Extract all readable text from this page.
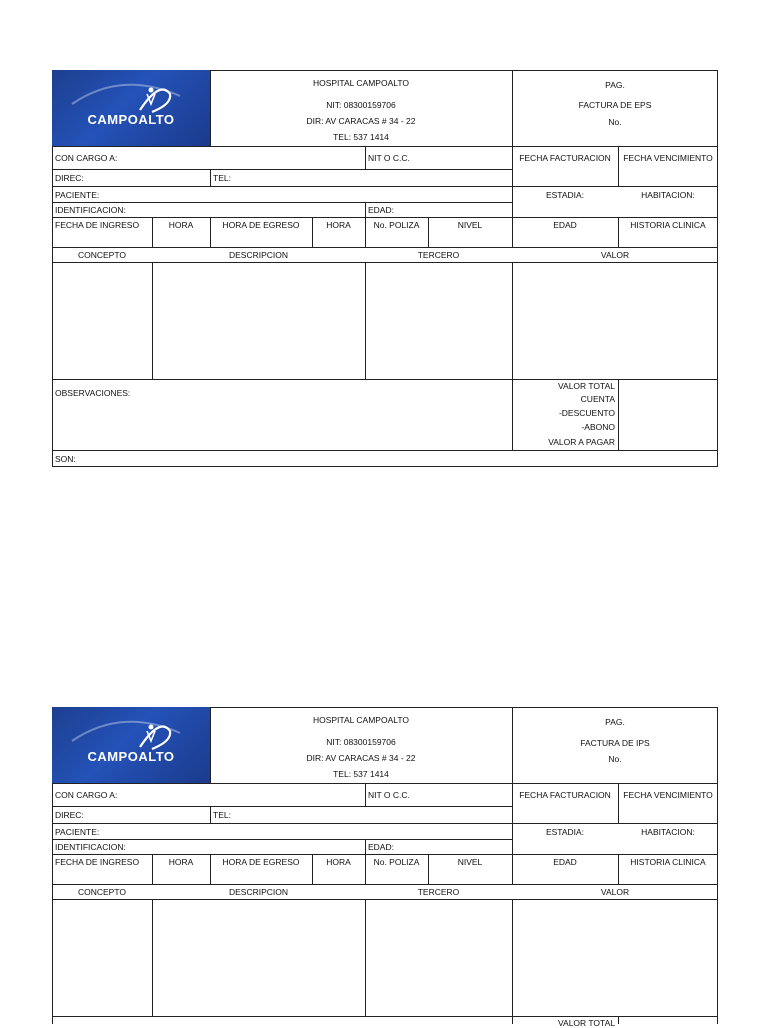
CAMPOALTO
HOSPITAL CAMPOALTO
NIT: 08300159706
DIR: AV CARACAS # 34 - 22
TEL: 537 1414
PAG.
FACTURA DE EPS
No.
CON CARGO A:	NIT O C.C.	FECHA FACTURACION	FECHA VENCIMIENTO
DIREC:	TEL:
PACIENTE:	ESTADIA:	HABITACION:
IDENTIFICACION:	EDAD:
FECHA DE INGRESO	HORA	HORA DE EGRESO	HORA	No. POLIZA	NIVEL	EDAD	HISTORIA CLINICA
CONCEPTO	DESCRIPCION	TERCERO	VALOR
OBSERVACIONES:
VALOR TOTAL
CUENTA
-DESCUENTO
-ABONO
VALOR A PAGAR
SON:
CAMPOALTO
HOSPITAL CAMPOALTO
NIT: 08300159706
DIR: AV CARACAS # 34 - 22
TEL: 537 1414
PAG.
FACTURA DE IPS
No.
CON CARGO A:	NIT O C.C.	FECHA FACTURACION	FECHA VENCIMIENTO
DIREC:	TEL:
PACIENTE:	ESTADIA:	HABITACION:
IDENTIFICACION:	EDAD:
FECHA DE INGRESO	HORA	HORA DE EGRESO	HORA	No. POLIZA	NIVEL	EDAD	HISTORIA CLINICA
CONCEPTO	DESCRIPCION	TERCERO	VALOR
VALOR TOTAL
